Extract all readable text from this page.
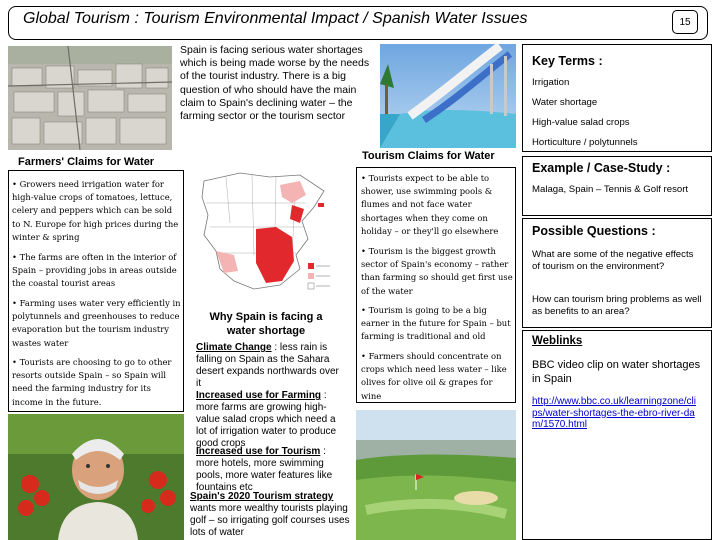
Global Tourism : Tourism Environmental Impact / Spanish Water Issues	15
Spain is facing serious water shortages which is being made worse by the needs of the tourist industry. There is a big question of who should have the main claim to Spain's declining water – the farming sector or the tourism sector
Farmers' Claims for Water
• Growers need irrigation water for high-value crops of tomatoes, lettuce, celery and peppers which can be sold to N. Europe for high prices during the winter & spring
• The farms are often in the interior of Spain – providing jobs in areas outside the coastal tourist areas
• Farming uses water very efficiently in polytunnels and greenhouses to reduce evaporation but the tourism industry wastes water
• Tourists are choosing to go to other resorts outside Spain – so Spain will need the farming industry for its income in the future.
Why Spain is facing a water shortage
Climate Change : less rain is falling on Spain as the Sahara desert expands northwards over it
Increased use for Farming : more farms are growing high-value salad crops which need a lot of irrigation water to produce good crops
Increased use for Tourism : more hotels, more swimming pools, more water features like fountains etc
Spain's 2020 Tourism strategy wants more wealthy tourists playing golf – so irrigating golf courses uses lots of water
Tourism Claims for Water
• Tourists expect to be able to shower, use swimming pools & flumes and not face water shortages when they come on holiday – or they'll go elsewhere
• Tourism is the biggest growth sector of Spain's economy – rather than farming so should get first use of the water
• Tourism is going to be a big earner in the future for Spain – but farming is traditional and old
• Farmers should concentrate on crops which need less water – like olives for olive oil & grapes for wine
Key Terms :
Irrigation
Water shortage
High-value salad crops
Horticulture / polytunnels
Example / Case-Study :
Malaga, Spain – Tennis & Golf resort
Possible Questions :
What are some of the negative effects of tourism on the environment?
How can tourism bring problems as well as benefits to an area?
Weblinks
BBC video clip on water shortages in Spain
http://www.bbc.co.uk/learningzone/clips/water-shortages-the-ebro-river-dam/1570.html
